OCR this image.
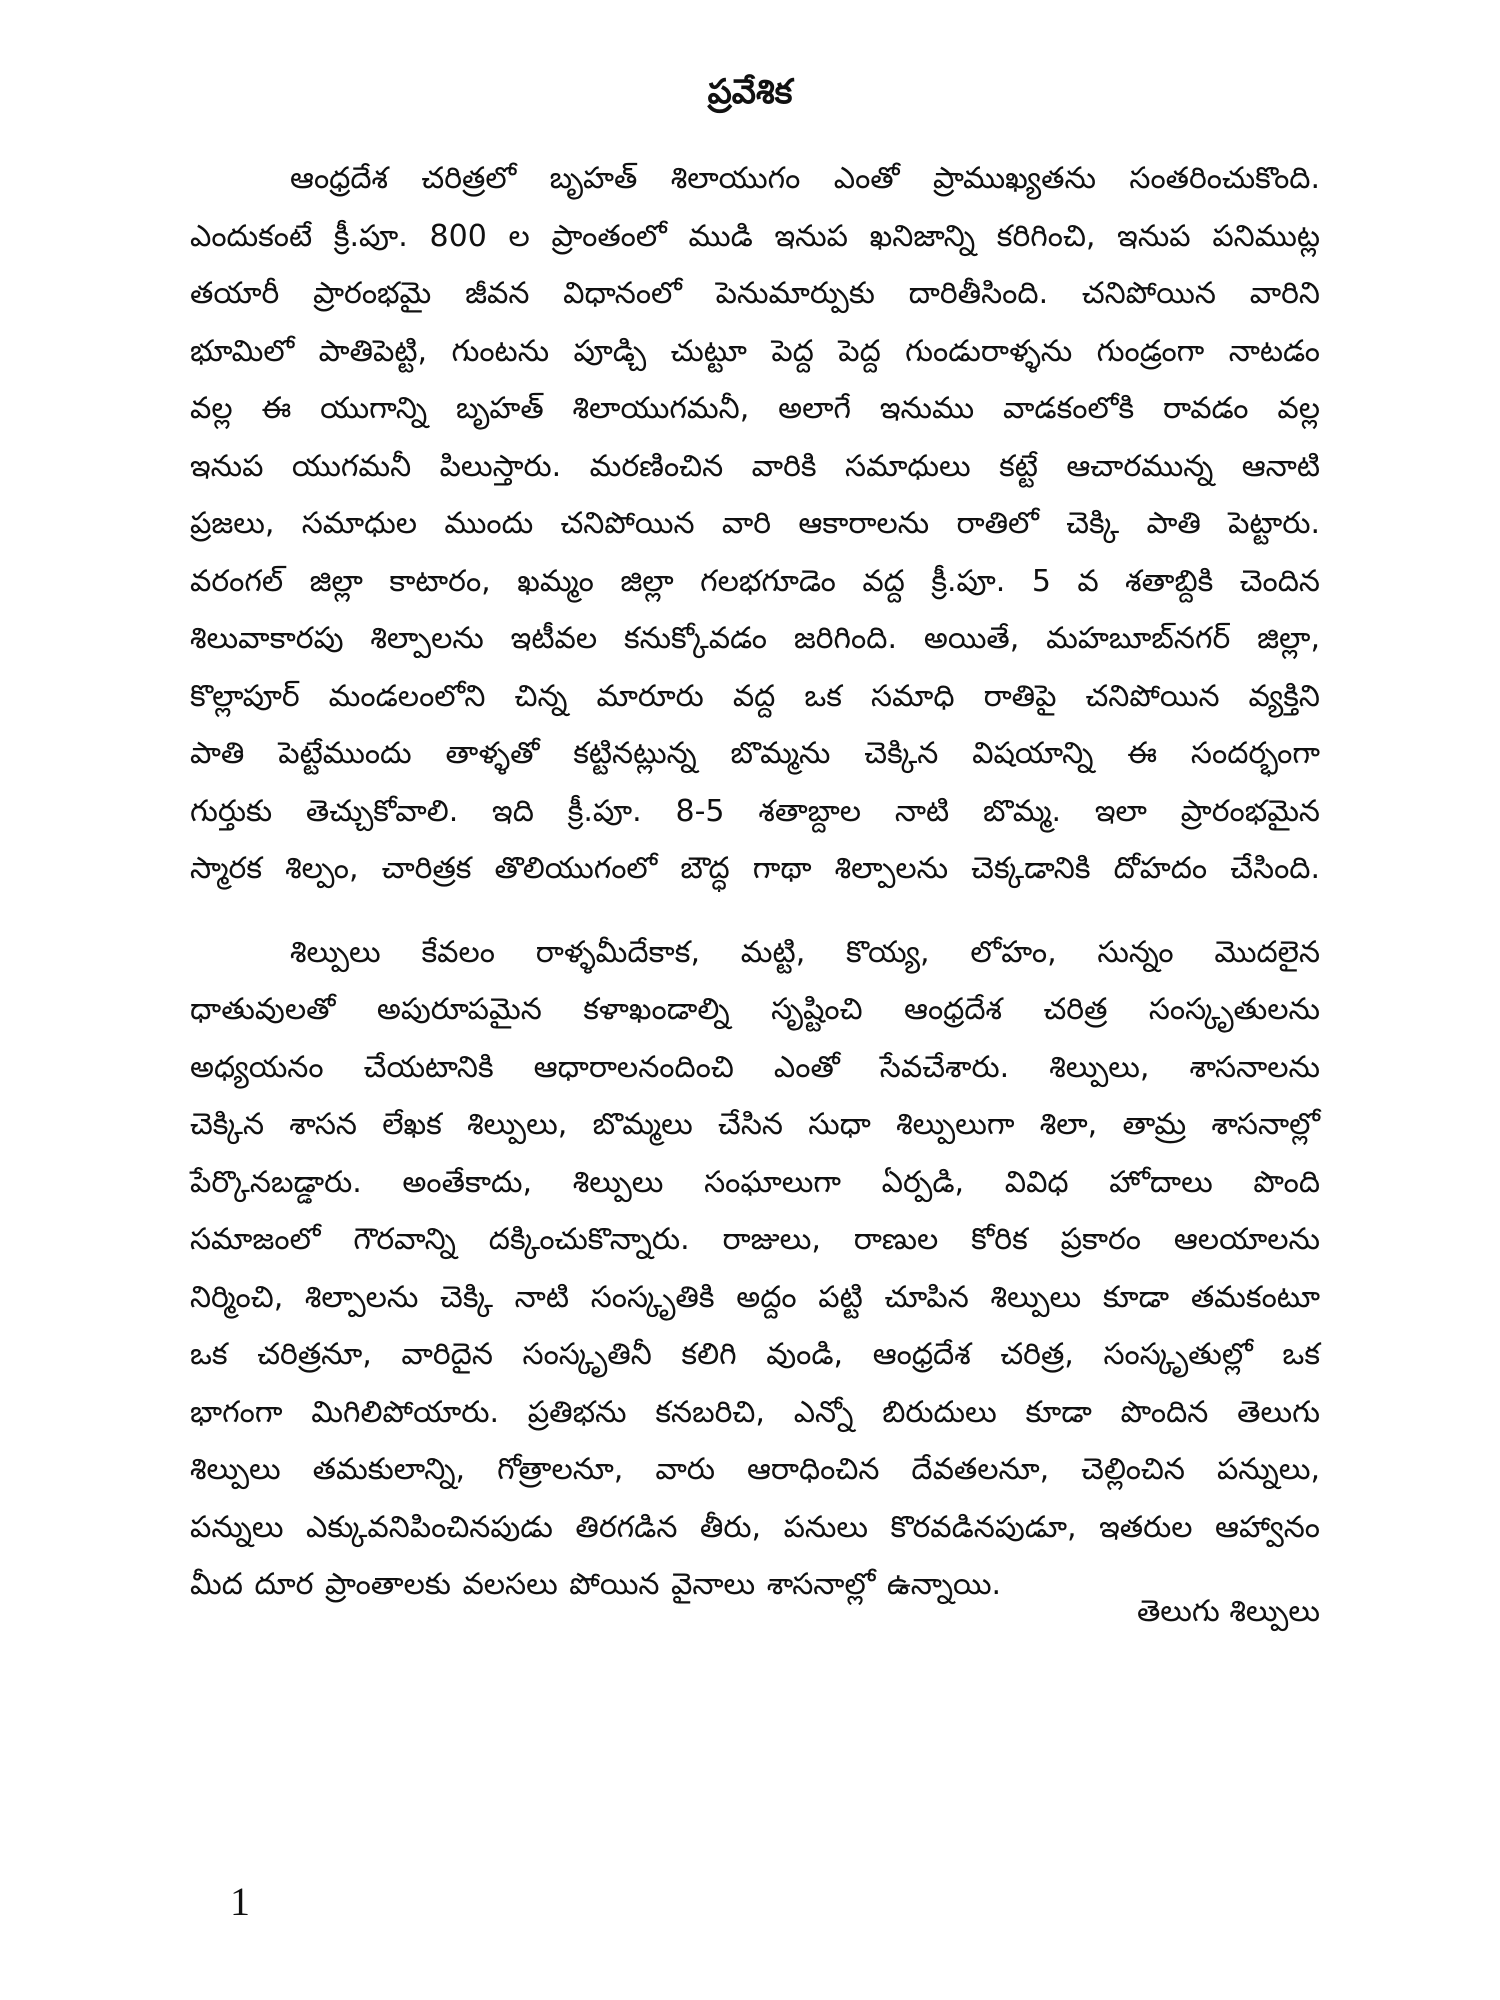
ప్రవేశిక
ఆంధ్రదేశ చరిత్రలో బృహత్ శిలాయుగం ఎంతో ప్రాముఖ్యతను సంతరించుకొంది.
ఎందుకంటే క్రీ.పూ. 800 ల ప్రాంతంలో ముడి ఇనుప ఖనిజాన్ని కరిగించి, ఇనుప పనిముట్ల
తయారీ ప్రారంభమై జీవన విధానంలో పెనుమార్పుకు దారితీసింది. చనిపోయిన వారిని
భూమిలో పాతిపెట్టి, గుంటను పూడ్చి చుట్టూ పెద్ద పెద్ద గుండురాళ్ళను గుండ్రంగా నాటడం
వల్ల ఈ యుగాన్ని బృహత్ శిలాయుగమనీ, అలాగే ఇనుము వాడకంలోకి రావడం వల్ల
ఇనుప యుగమనీ పిలుస్తారు. మరణించిన వారికి సమాధులు కట్టే ఆచారమున్న ఆనాటి
ప్రజలు, సమాధుల ముందు చనిపోయిన వారి ఆకారాలను రాతిలో చెక్కి పాతి పెట్టారు.
వరంగల్ జిల్లా కాటారం, ఖమ్మం జిల్లా గలభగూడెం వద్ద క్రీ.పూ. 5 వ శతాబ్దికి చెందిన
శిలువాకారపు శిల్పాలను ఇటీవల కనుక్కోవడం జరిగింది. అయితే, మహబూబ్‌నగర్ జిల్లా,
కొల్లాపూర్ మండలంలోని చిన్న మారూరు వద్ద ఒక సమాధి రాతిపై చనిపోయిన వ్యక్తిని
పాతి పెట్టేముందు తాళ్ళతో కట్టినట్లున్న బొమ్మను చెక్కిన విషయాన్ని ఈ సందర్భంగా
గుర్తుకు తెచ్చుకోవాలి. ఇది క్రీ.పూ. 8-5 శతాబ్దాల నాటి బొమ్మ. ఇలా ప్రారంభమైన
స్మారక శిల్పం, చారిత్రక తొలియుగంలో బౌద్ధ గాథా శిల్పాలను చెక్కడానికి దోహదం చేసింది.
శిల్పులు కేవలం రాళ్ళమీదేకాక, మట్టి, కొయ్య, లోహం, సున్నం మొదలైన
ధాతువులతో అపురూపమైన కళాఖండాల్ని సృష్టించి ఆంధ్రదేశ చరిత్ర సంస్కృతులను
అధ్యయనం చేయటానికి ఆధారాలనందించి ఎంతో సేవచేశారు. శిల్పులు, శాసనాలను
చెక్కిన శాసన లేఖక శిల్పులు, బొమ్మలు చేసిన సుధా శిల్పులుగా శిలా, తామ్ర శాసనాల్లో
పేర్కొనబడ్డారు. అంతేకాదు, శిల్పులు సంఘాలుగా ఏర్పడి, వివిధ హోదాలు పొంది
సమాజంలో గౌరవాన్ని దక్కించుకొన్నారు. రాజులు, రాణుల కోరిక ప్రకారం ఆలయాలను
నిర్మించి, శిల్పాలను చెక్కి నాటి సంస్కృతికి అద్దం పట్టి చూపిన శిల్పులు కూడా తమకంటూ
ఒక చరిత్రనూ, వారిదైన సంస్కృతినీ కలిగి వుండి, ఆంధ్రదేశ చరిత్ర, సంస్కృతుల్లో ఒక
భాగంగా మిగిలిపోయారు. ప్రతిభను కనబరిచి, ఎన్నో బిరుదులు కూడా పొందిన తెలుగు
శిల్పులు తమకులాన్ని, గోత్రాలనూ, వారు ఆరాధించిన దేవతలనూ, చెల్లించిన పన్నులు,
పన్నులు ఎక్కువనిపించినపుడు తిరగడిన తీరు, పనులు కొరవడినపుడూ, ఇతరుల ఆహ్వానం
మీద దూర ప్రాంతాలకు వలసలు పోయిన వైనాలు శాసనాల్లో ఉన్నాయి.
తెలుగు శిల్పులు
1
